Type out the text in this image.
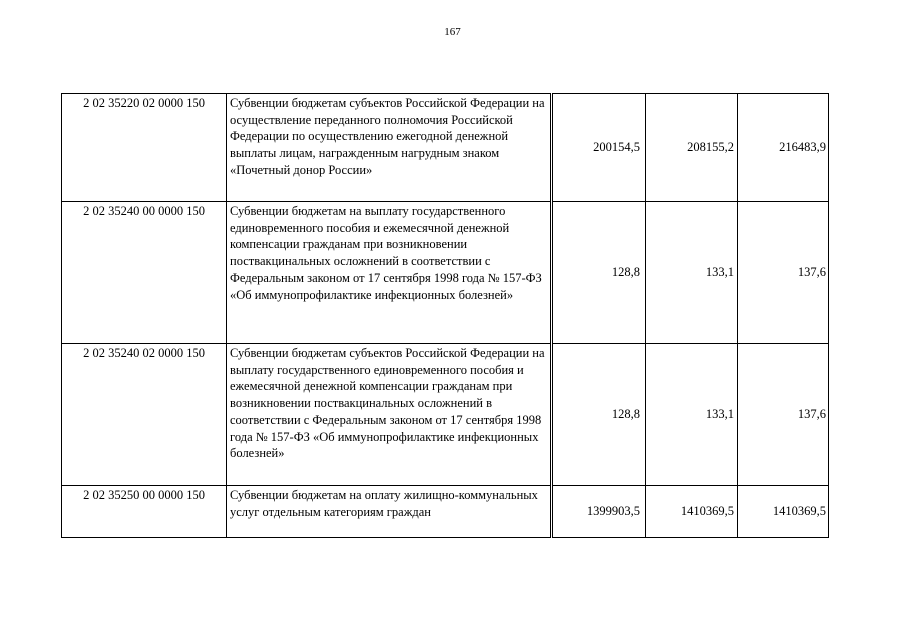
167
2 02 35220 02 0000 150	Субвенции бюджетам субъектов Российской Федерации на осуществление переданного полномочия Российской Федерации по осуществлению ежегодной денежной выплаты лицам, награжденным нагрудным знаком «Почетный донор России»	200154,5	208155,2	216483,9
2 02 35240 00 0000 150	Субвенции бюджетам на выплату государственного единовременного пособия и ежемесячной денежной компенсации гражданам при возникновении поствакцинальных осложнений в соответствии с Федеральным законом от 17 сентября 1998 года № 157-ФЗ «Об иммунопрофилактике инфекционных болезней»	128,8	133,1	137,6
2 02 35240 02 0000 150	Субвенции бюджетам субъектов Российской Федерации на выплату государственного единовременного пособия и ежемесячной денежной компенсации гражданам при возникновении поствакцинальных осложнений в соответствии с Федеральным законом от 17 сентября 1998 года № 157-ФЗ «Об иммунопрофилактике инфекционных болезней»	128,8	133,1	137,6
2 02 35250 00 0000 150	Субвенции бюджетам на оплату жилищно-коммунальных услуг отдельным категориям граждан	1399903,5	1410369,5	1410369,5
